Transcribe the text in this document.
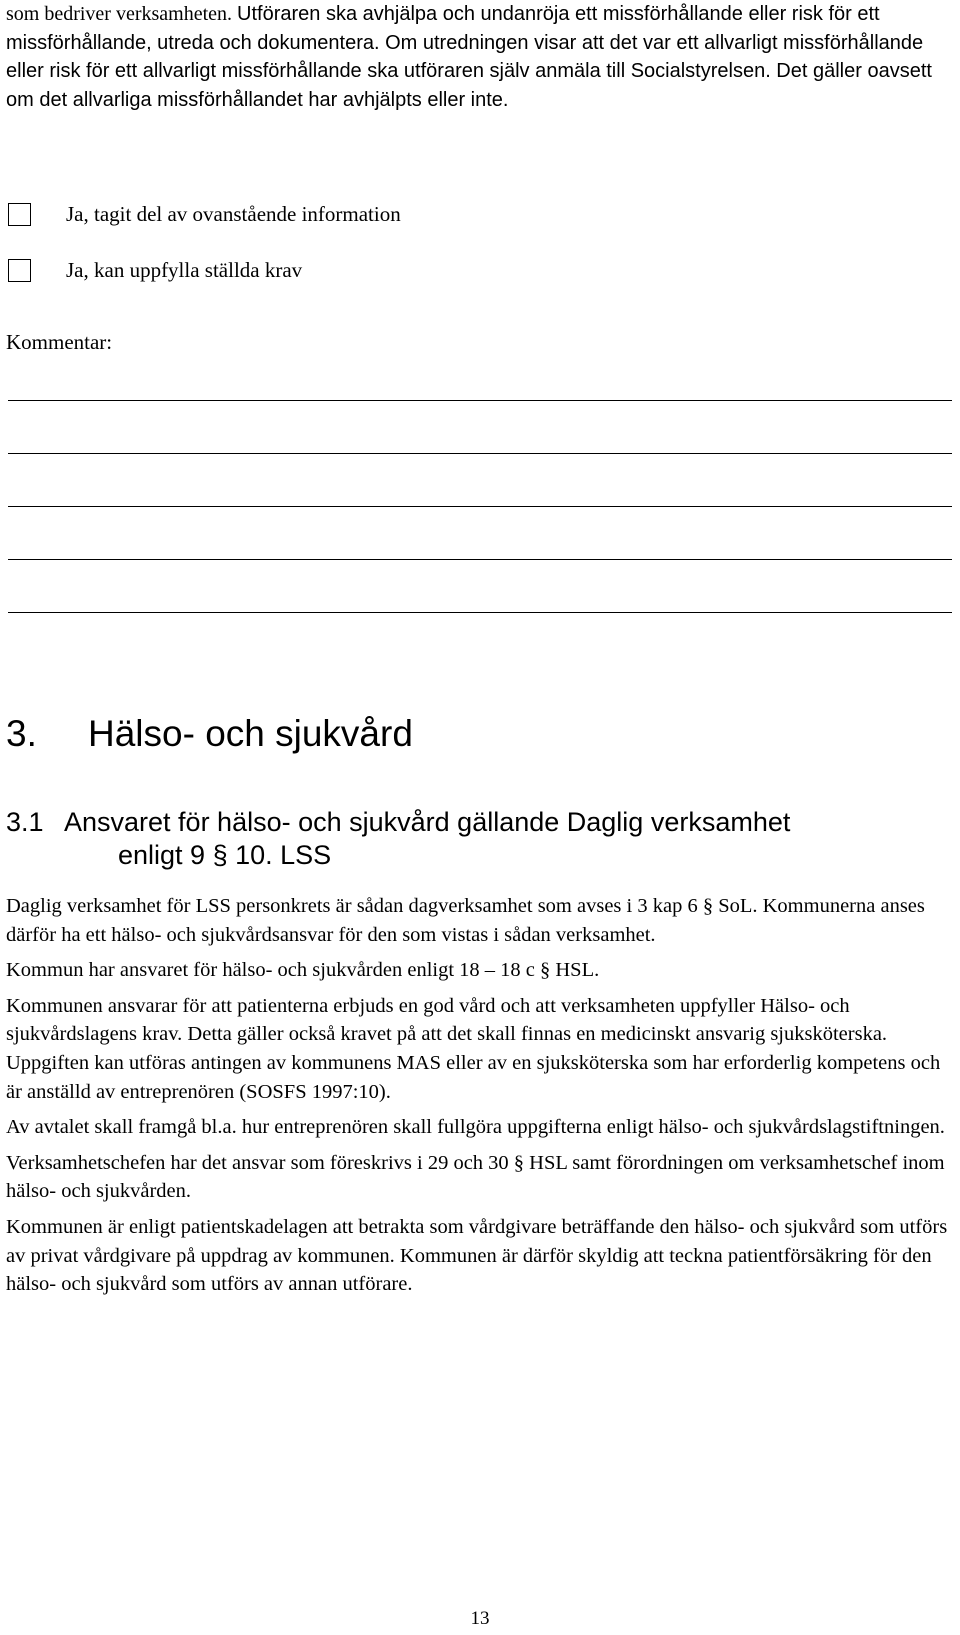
som bedriver verksamheten. Utföraren ska avhjälpa och undanröja ett missförhållande eller risk för ett missförhållande, utreda och dokumentera. Om utredningen visar att det var ett allvarligt missförhållande eller risk för ett allvarligt missförhållande ska utföraren själv anmäla till Socialstyrelsen. Det gäller oavsett om det allvarliga missförhållandet har avhjälpts eller inte.

Ja, tagit del av ovanstående information
Ja, kan uppfylla ställda krav

Kommentar:

3. Hälso- och sjukvård
3.1 Ansvaret för hälso- och sjukvård gällande Daglig verksamhet
enligt 9 § 10. LSS

Daglig verksamhet för LSS personkrets är sådan dagverksamhet som avses i 3 kap 6 § SoL. Kommunerna anses därför ha ett hälso- och sjukvårdsansvar för den som vistas i sådan verksamhet.

Kommun har ansvaret för hälso- och sjukvården enligt 18 – 18 c § HSL.

Kommunen ansvarar för att patienterna erbjuds en god vård och att verksamheten uppfyller Hälso- och sjukvårdslagens krav. Detta gäller också kravet på att det skall finnas en medicinskt ansvarig sjuksköterska. Uppgiften kan utföras antingen av kommunens MAS eller av en sjuksköterska som har erforderlig kompetens och är anställd av entreprenören (SOSFS 1997:10).

Av avtalet skall framgå bl.a. hur entreprenören skall fullgöra uppgifterna enligt hälso- och sjukvårdslagstiftningen.

Verksamhetschefen har det ansvar som föreskrivs i 29 och 30 § HSL samt förordningen om verksamhetschef inom hälso- och sjukvården.

Kommunen är enligt patientskadelagen att betrakta som vårdgivare beträffande den hälso- och sjukvård som utförs av privat vårdgivare på uppdrag av kommunen. Kommunen är därför skyldig att teckna patientförsäkring för den hälso- och sjukvård som utförs av annan utförare.

13
